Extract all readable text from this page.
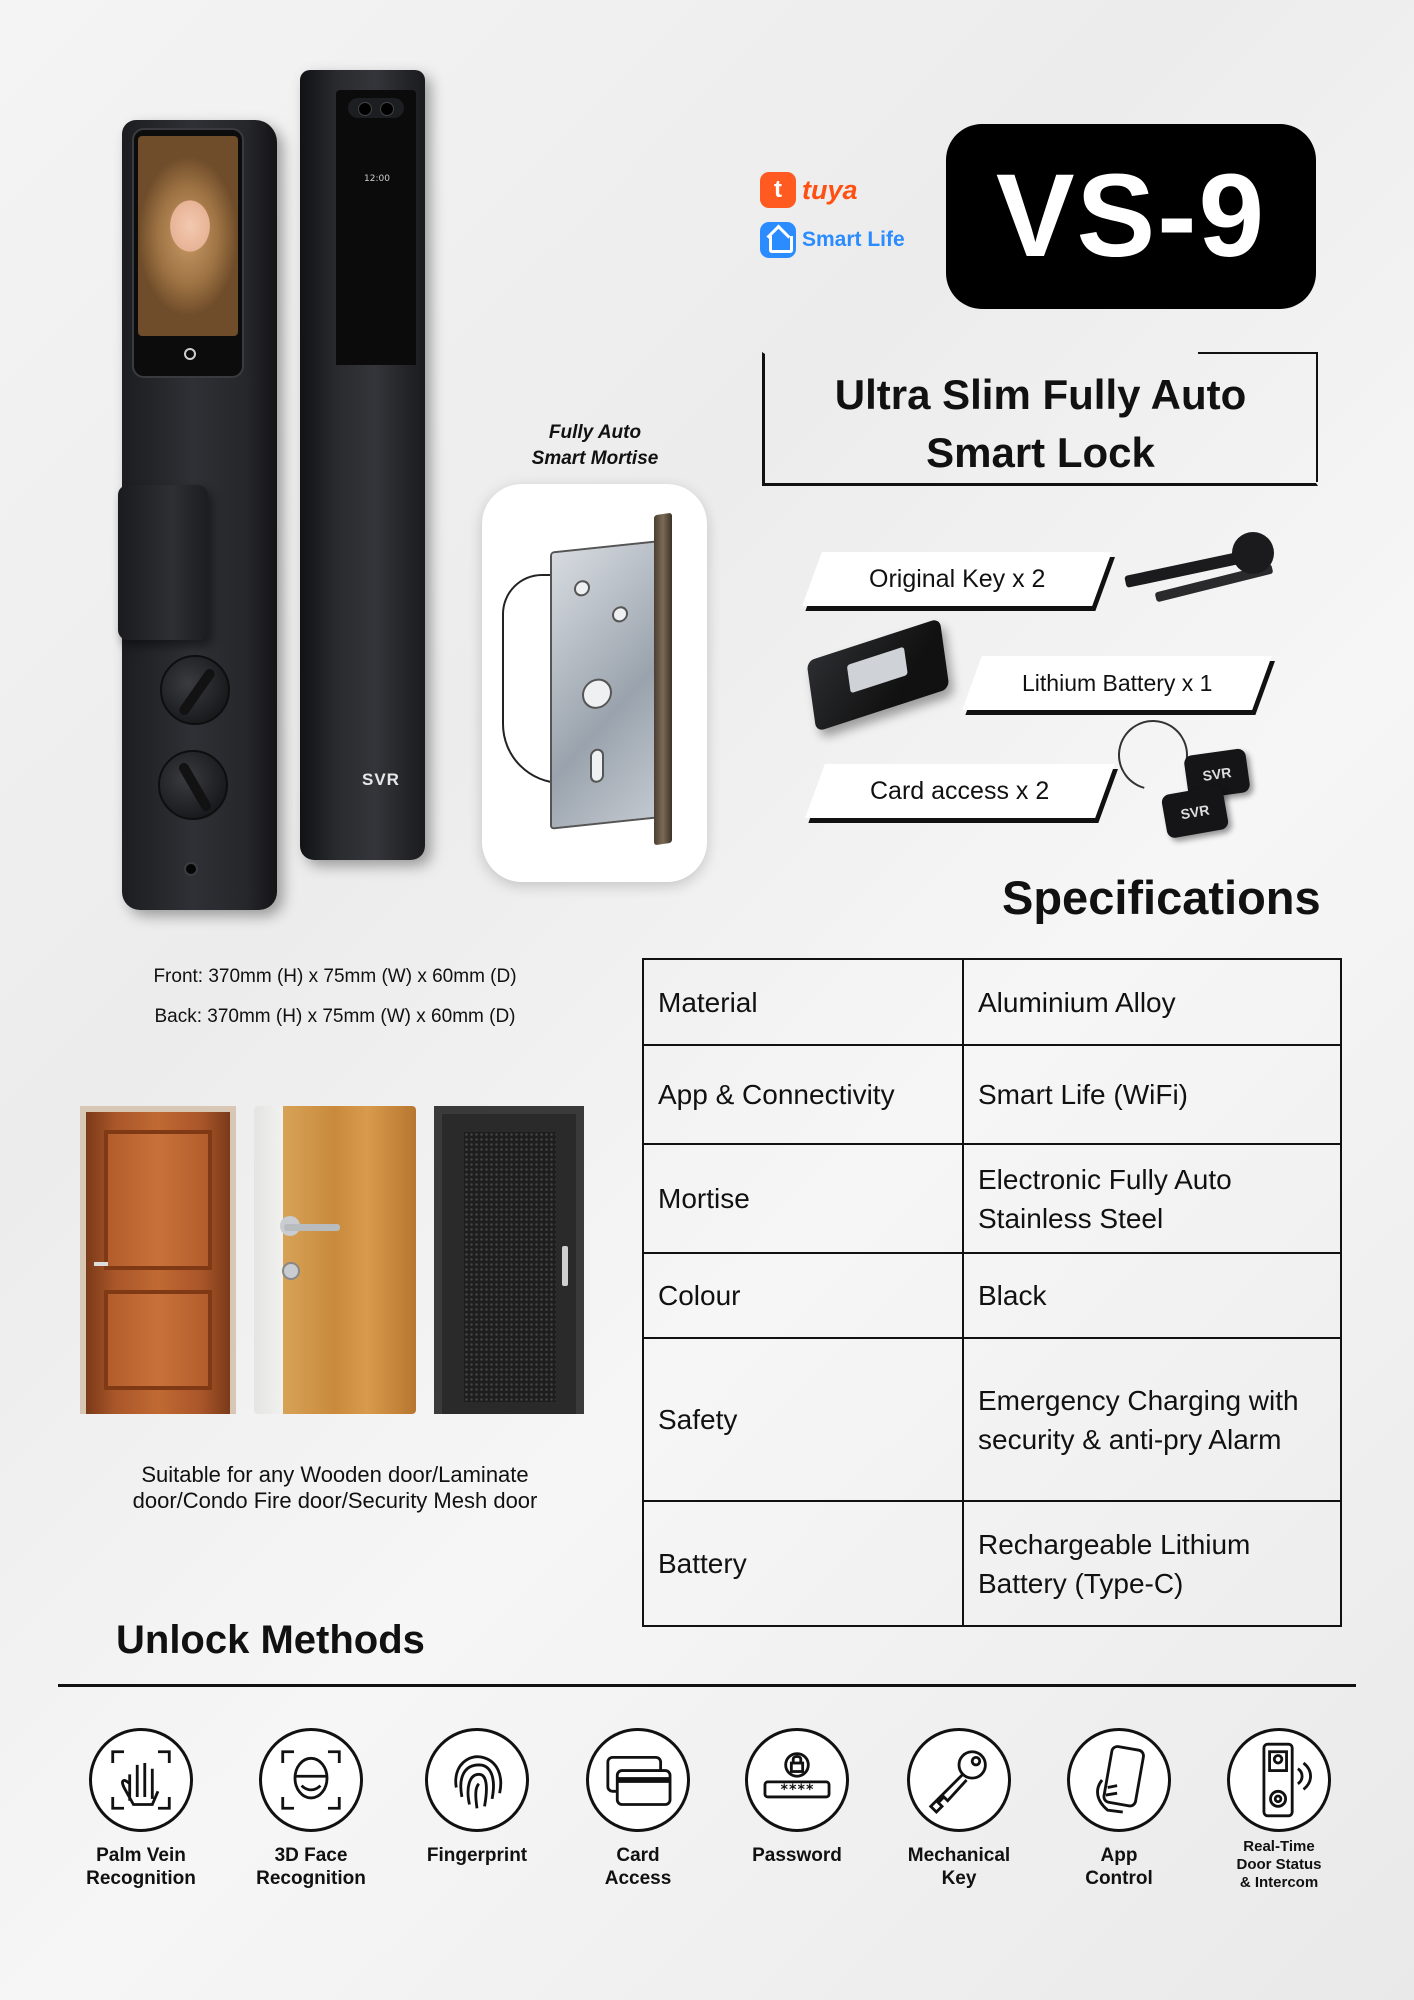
12:00
SVR
Fully Auto
Smart Mortise
t tuya
Smart Life VS-9
Ultra Slim Fully Auto
Smart Lock
Original Key x 2
Lithium Battery x 1
Card access x 2
SVR
SVR
Front: 370mm (H) x 75mm (W) x 60mm (D)
Back: 370mm (H) x 75mm (W) x 60mm (D)
Suitable for any Wooden door/Laminate
door/Condo Fire door/Security Mesh door
Specifications
Material	Aluminium Alloy
App & Connectivity	Smart Life (WiFi)
Mortise	Electronic Fully Auto Stainless Steel
Colour	Black
Safety	Emergency Charging with security & anti-pry Alarm
Battery	Rechargeable Lithium Battery (Type-C)
Unlock Methods
Palm Vein
Recognition
3D Face
Recognition
Fingerprint	Card
Access
****
Password	Mechanical
Key
App
Control
Real-Time
Door Status
& Intercom
